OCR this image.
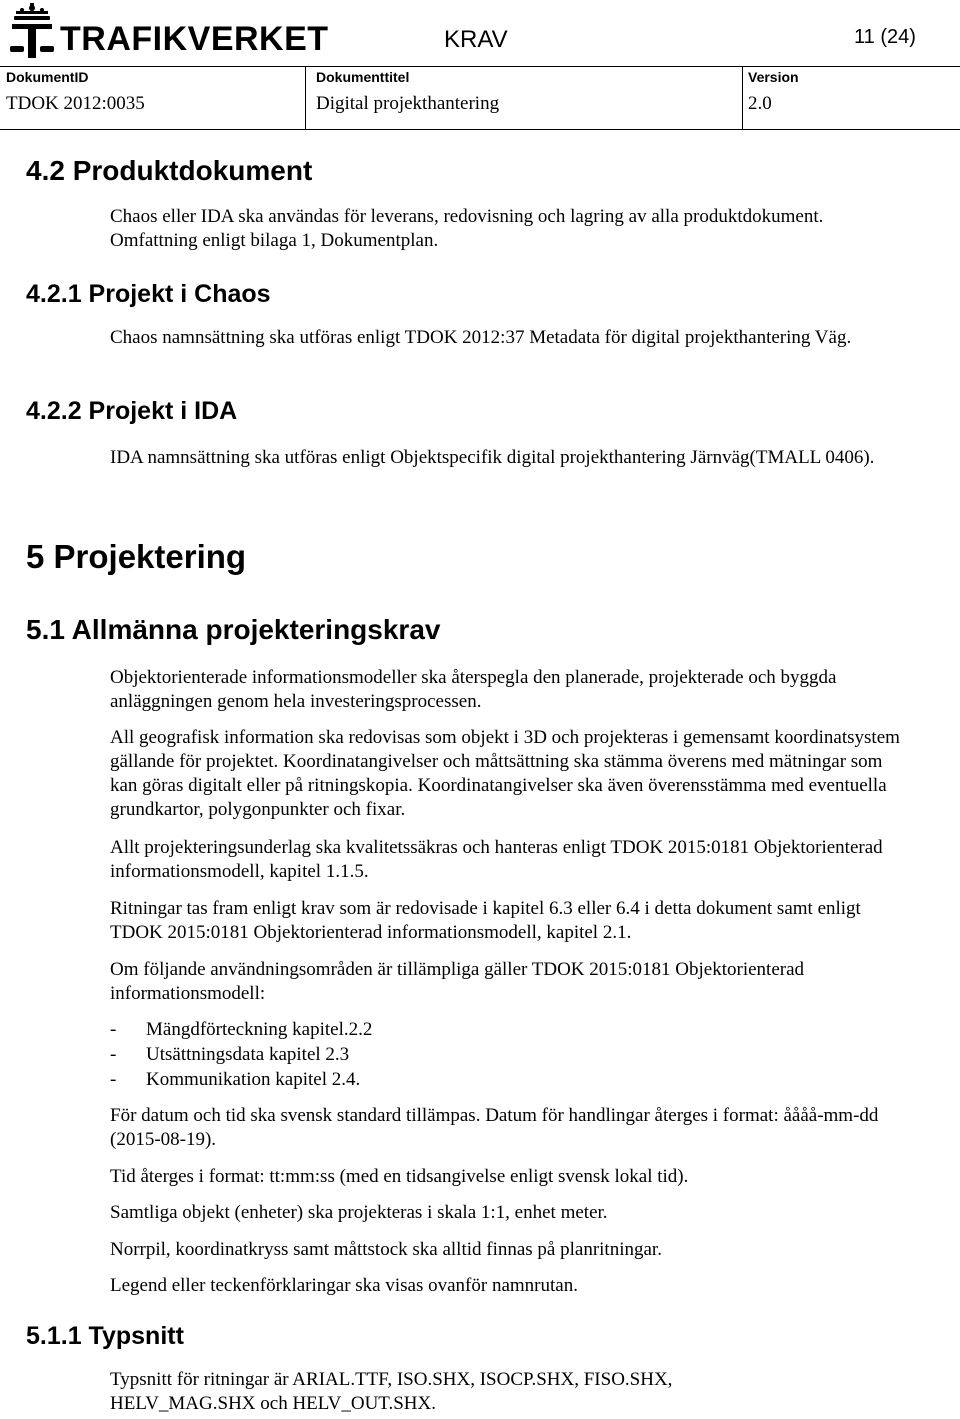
TRAFIKVERKET	KRAV	11 (24)
DokumentID	Dokumenttitel	Version
TDOK 2012:0035	Digital projekthantering	2.0
4.2 Produktdokument

Chaos eller IDA ska användas för leverans, redovisning och lagring av alla produktdokument. Omfattning enligt bilaga 1, Dokumentplan.

4.2.1 Projekt i Chaos

Chaos namnsättning ska utföras enligt TDOK 2012:37 Metadata för digital projekthantering Väg.

4.2.2 Projekt i IDA

IDA namnsättning ska utföras enligt Objektspecifik digital projekthantering Järnväg(TMALL 0406).

5 Projektering
5.1 Allmänna projekteringskrav

Objektorienterade informationsmodeller ska återspegla den planerade, projekterade och byggda anläggningen genom hela investeringsprocessen.

All geografisk information ska redovisas som objekt i 3D och projekteras i gemensamt koordinatsystem gällande för projektet. Koordinatangivelser och måttsättning ska stämma överens med mätningar som kan göras digitalt eller på ritningskopia. Koordinatangivelser ska även överensstämma med eventuella grundkartor, polygonpunkter och fixar.

Allt projekteringsunderlag ska kvalitetssäkras och hanteras enligt TDOK 2015:0181 Objektorienterad informationsmodell, kapitel 1.1.5.

Ritningar tas fram enligt krav som är redovisade i kapitel 6.3 eller 6.4 i detta dokument samt enligt TDOK 2015:0181 Objektorienterad informationsmodell, kapitel 2.1.

Om följande användningsområden är tillämpliga gäller TDOK 2015:0181 Objektorienterad informationsmodell:

- Mängdförteckning kapitel.2.2
- Utsättningsdata kapitel 2.3
- Kommunikation kapitel 2.4.

För datum och tid ska svensk standard tillämpas. Datum för handlingar återges i format: åååå-mm-dd (2015-08-19).

Tid återges i format: tt:mm:ss (med en tidsangivelse enligt svensk lokal tid).

Samtliga objekt (enheter) ska projekteras i skala 1:1, enhet meter.

Norrpil, koordinatkryss samt måttstock ska alltid finnas på planritningar.

Legend eller teckenförklaringar ska visas ovanför namnrutan.

5.1.1 Typsnitt

Typsnitt för ritningar är ARIAL.TTF, ISO.SHX, ISOCP.SHX, FISO.SHX, HELV_MAG.SHX och HELV_OUT.SHX.
